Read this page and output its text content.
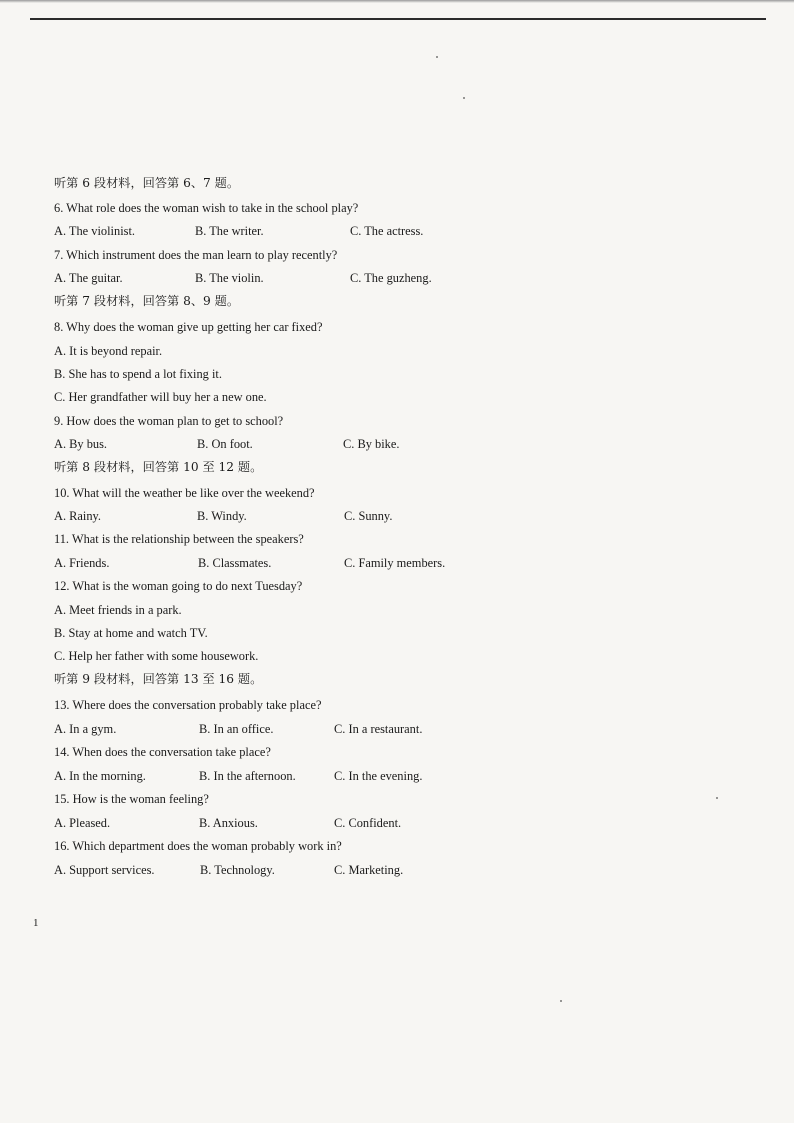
听第 6 段材料，回答第 6、7 题。
6. What role does the woman wish to take in the school play?
A. The violinist.	B. The writer.	C. The actress.
7. Which instrument does the man learn to play recently?
A. The guitar.	B. The violin.	C. The guzheng.
听第 7 段材料，回答第 8、9 题。
8. Why does the woman give up getting her car fixed?
A. It is beyond repair.
B. She has to spend a lot fixing it.
C. Her grandfather will buy her a new one.
9. How does the woman plan to get to school?
A. By bus.	B. On foot.	C. By bike.
听第 8 段材料，回答第 10 至 12 题。
10. What will the weather be like over the weekend?
A. Rainy.	B. Windy.	C. Sunny.
11. What is the relationship between the speakers?
A. Friends.	B. Classmates.	C. Family members.
12. What is the woman going to do next Tuesday?
A. Meet friends in a park.
B. Stay at home and watch TV.
C. Help her father with some housework.
听第 9 段材料，回答第 13 至 16 题。
13. Where does the conversation probably take place?
A. In a gym.	B. In an office.	C. In a restaurant.
14. When does the conversation take place?
A. In the morning.	B. In the afternoon.	C. In the evening.
15. How is the woman feeling?
A. Pleased.	B. Anxious.	C. Confident.
16. Which department does the woman probably work in?
A. Support services.	B. Technology.	C. Marketing.
1
